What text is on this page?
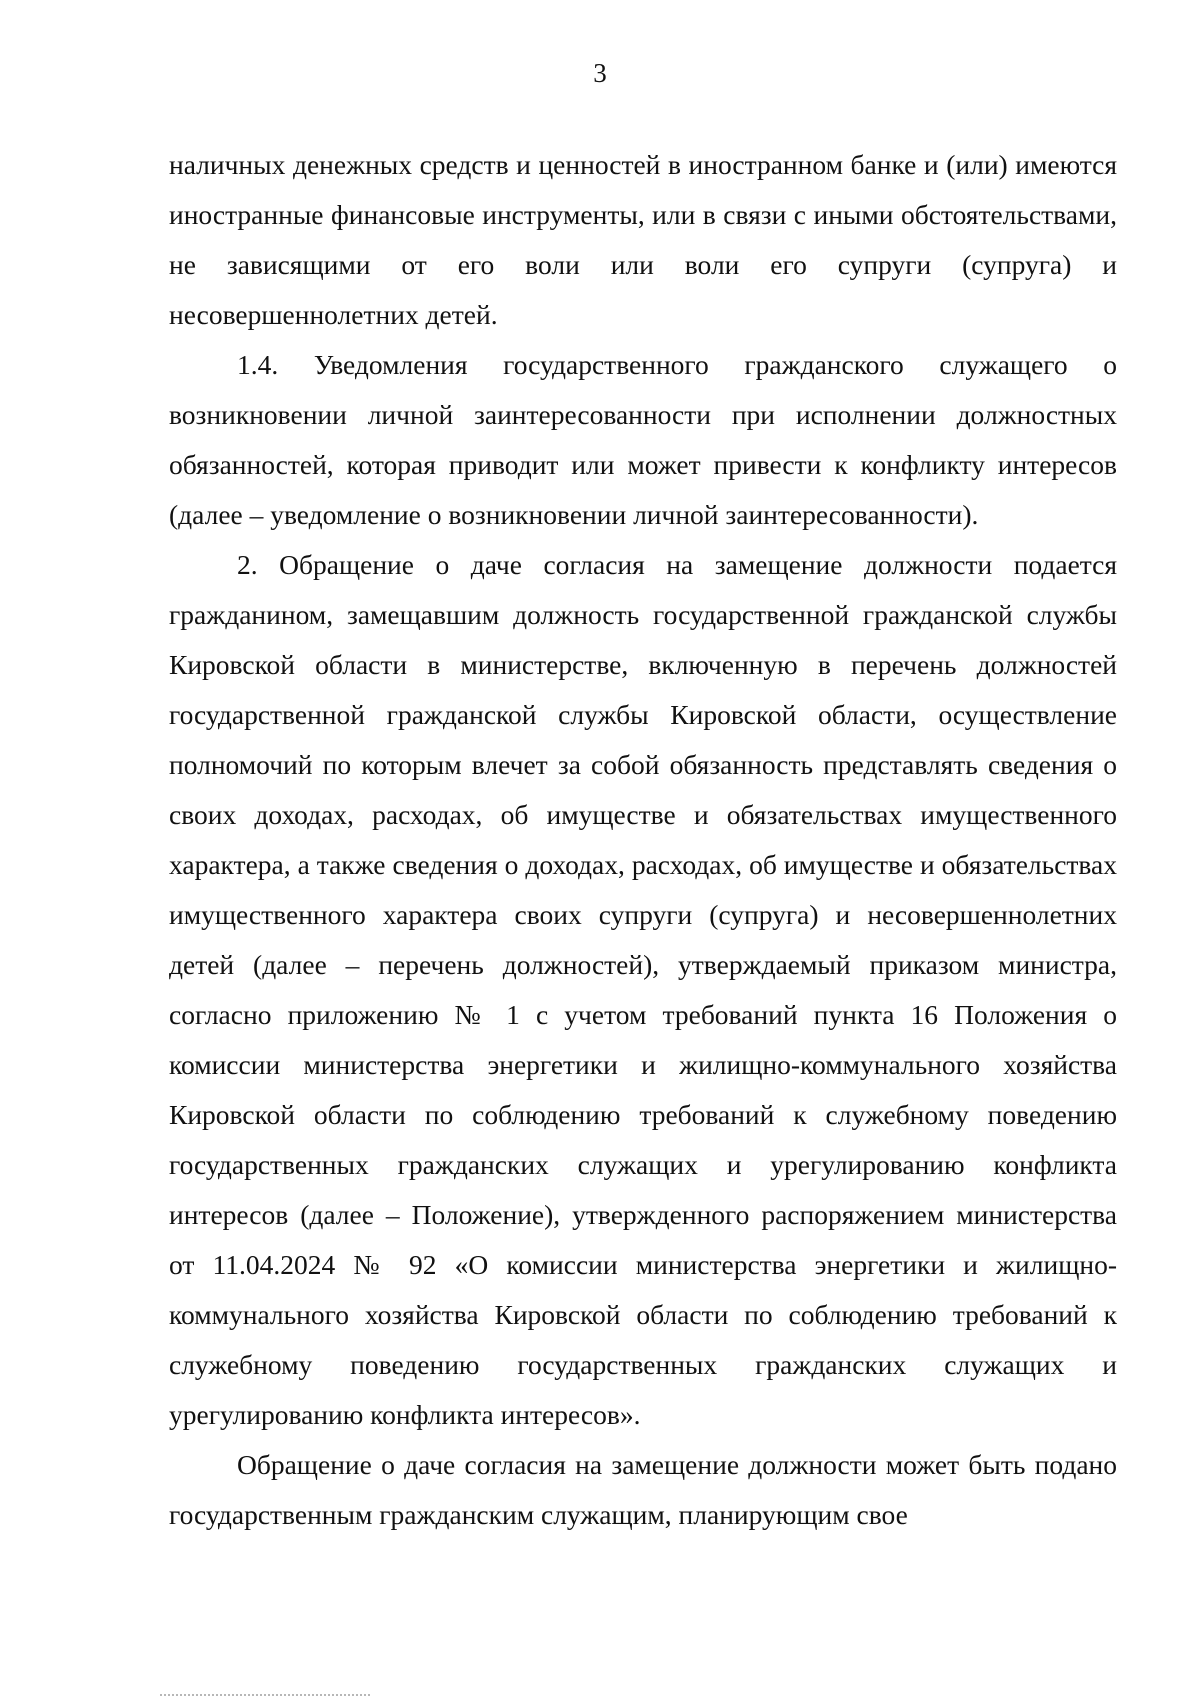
3

наличных денежных средств и ценностей в иностранном банке и (или) имеются иностранные финансовые инструменты, или в связи с иными обстоятельствами, не зависящими от его воли или воли его супруги (супруга) и несовершеннолетних детей.

1.4. Уведомления государственного гражданского служащего о возникновении личной заинтересованности при исполнении должностных обязанностей, которая приводит или может привести к конфликту интересов (далее – уведомление о возникновении личной заинтересованности).

2. Обращение о даче согласия на замещение должности подается гражданином, замещавшим должность государственной гражданской службы Кировской области в министерстве, включенную в перечень должностей государственной гражданской службы Кировской области, осуществление полномочий по которым влечет за собой обязанность представлять сведения о своих доходах, расходах, об имуществе и обязательствах имущественного характера, а также сведения о доходах, расходах, об имуществе и обязательствах имущественного характера своих супруги (супруга) и несовершеннолетних детей (далее – перечень должностей), утверждаемый приказом министра, согласно приложению № 1 с учетом требований пункта 16 Положения о комиссии министерства энергетики и жилищно-коммунального хозяйства Кировской области по соблюдению требований к служебному поведению государственных гражданских служащих и урегулированию конфликта интересов (далее – Положение), утвержденного распоряжением министерства от 11.04.2024 № 92 «О комиссии министерства энергетики и жилищно-коммунального хозяйства Кировской области по соблюдению требований к служебному поведению государственных гражданских служащих и урегулированию конфликта интересов».

Обращение о даче согласия на замещение должности может быть подано государственным гражданским служащим, планирующим свое
